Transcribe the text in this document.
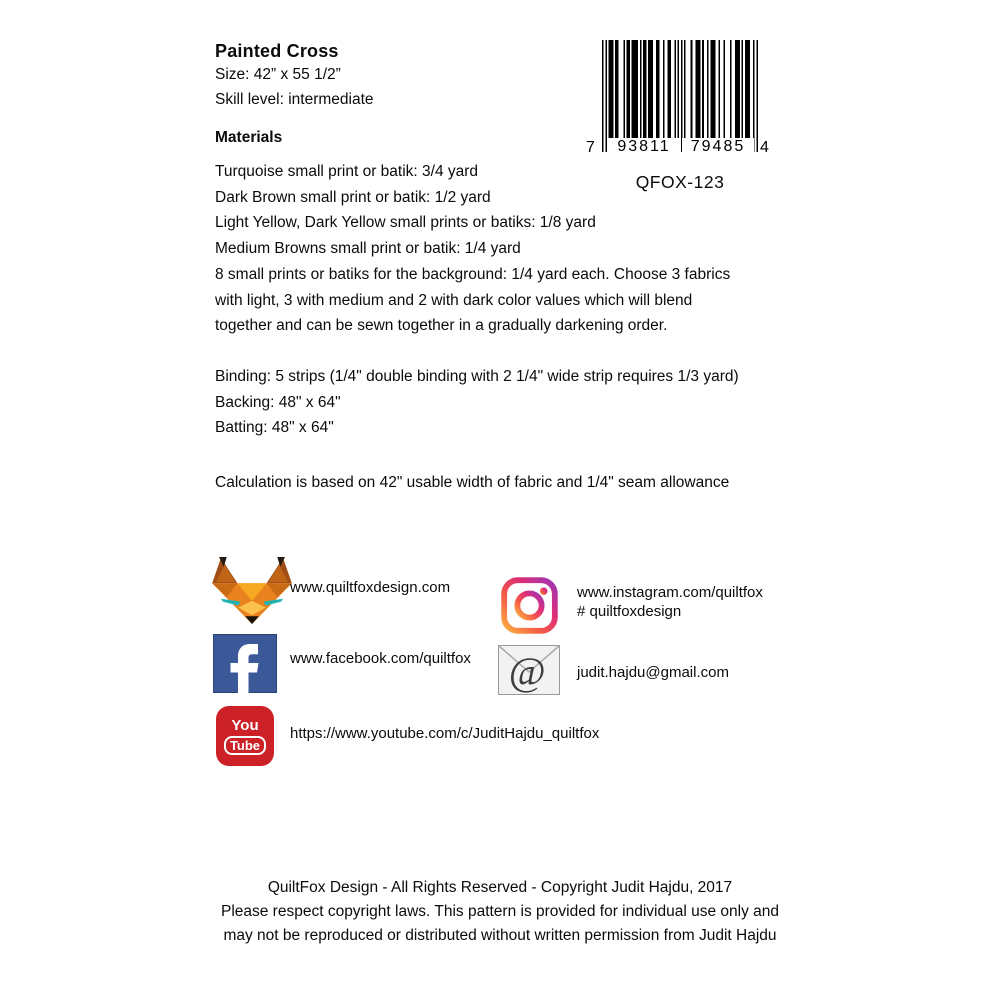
Painted Cross
Size: 42” x 55 1/2”
Skill level: intermediate
Materials
Turquoise small print or batik: 3/4 yard
Dark Brown small print or batik: 1/2 yard
Light Yellow, Dark Yellow small prints or batiks: 1/8 yard
Medium Browns small print or batik: 1/4 yard
8 small prints or batiks for the background: 1/4 yard each. Choose 3 fabrics
with light, 3 with medium and 2 with dark color values which will blend
together and can be sewn together in a gradually darkening order.
Binding: 5 strips (1/4" double binding with 2 1/4" wide strip requires 1/3 yard)
Backing: 48" x 64"
Batting: 48" x 64"
Calculation is based on 42" usable width of fabric and 1/4" seam allowance
7	93811	79485 4
QFOX-123
www.quiltfoxdesign.com
www.facebook.com/quiltfox
You
Tube
https://www.youtube.com/c/JuditHajdu_quiltfox
www.instagram.com/quiltfox
# quiltfoxdesign
@ judit.hajdu@gmail.com
QuiltFox Design - All Rights Reserved - Copyright Judit Hajdu, 2017
Please respect copyright laws. This pattern is provided for individual use only and
may not be reproduced or distributed without written permission from Judit Hajdu
